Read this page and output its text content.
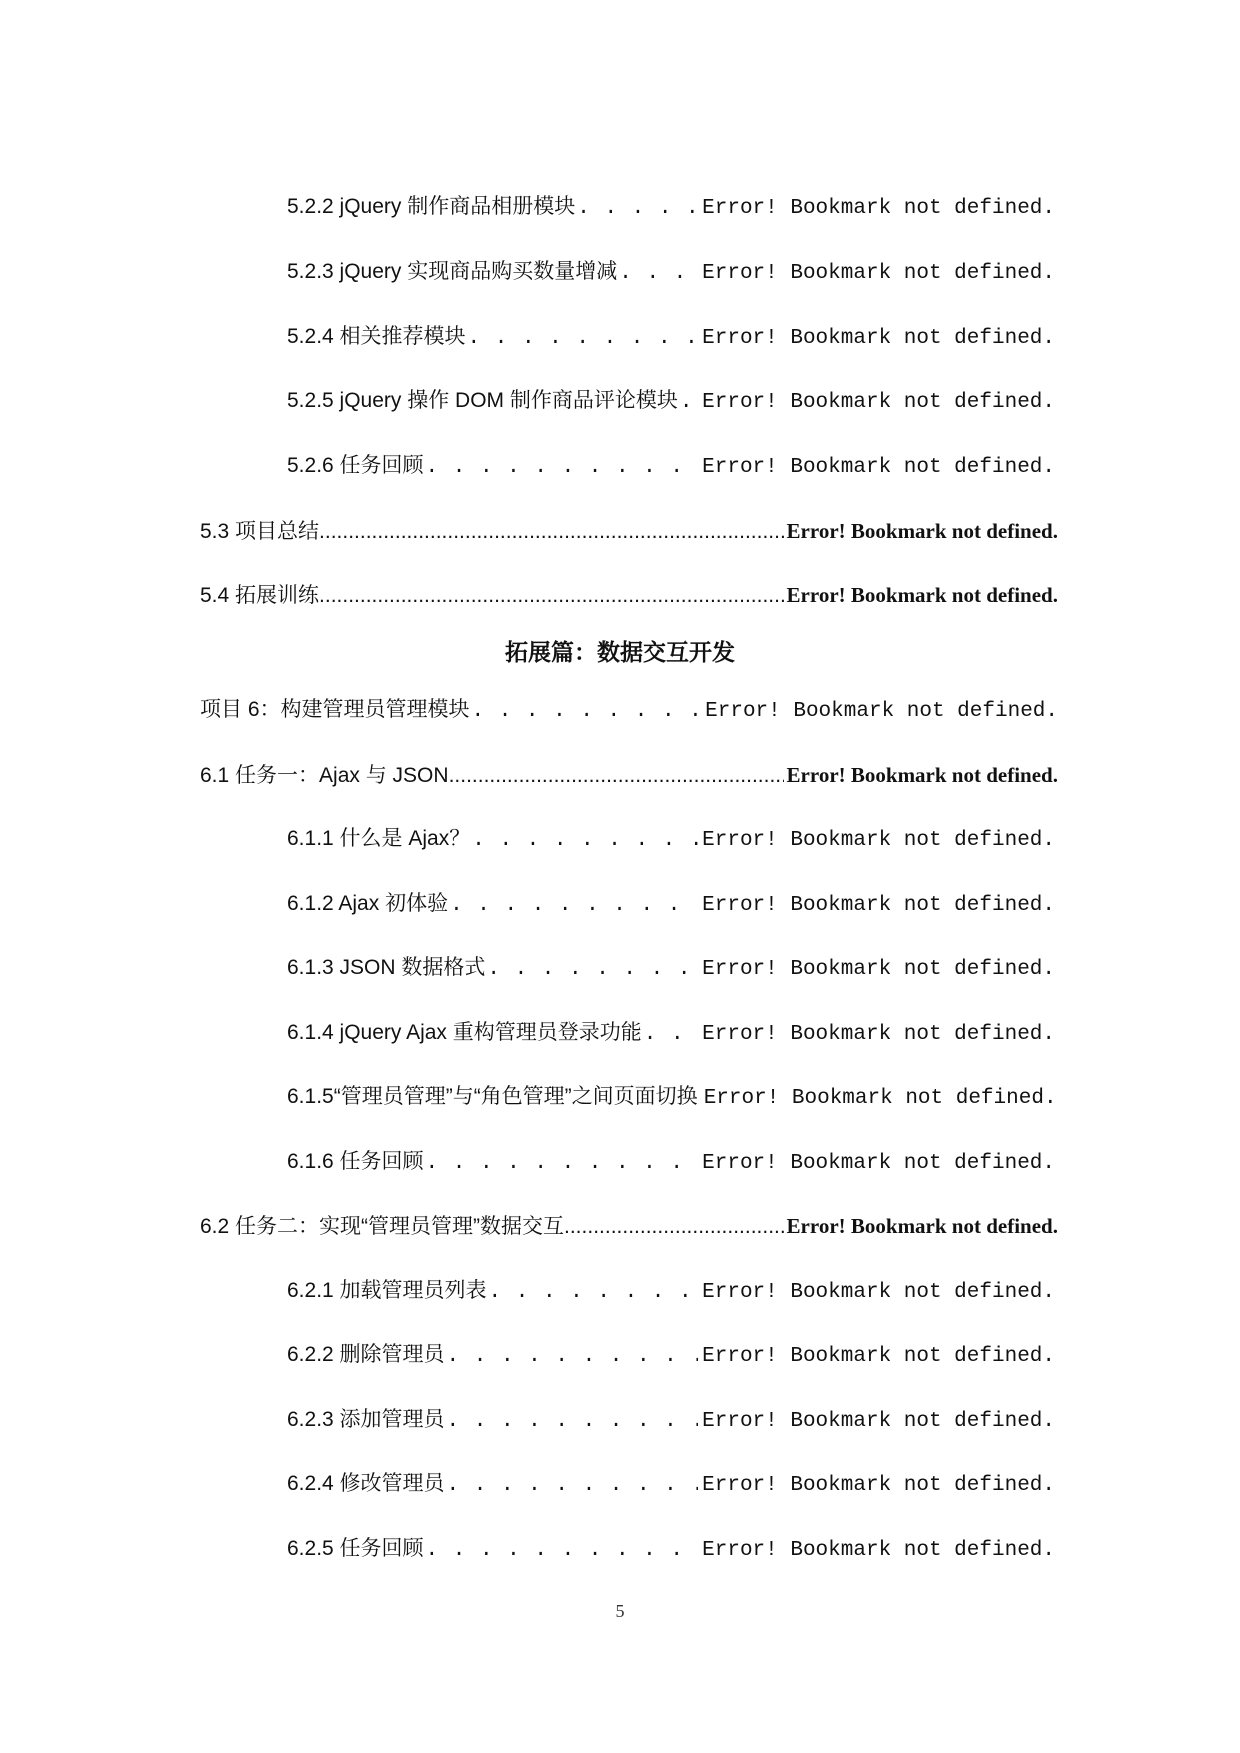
5.2.2 jQuery 制作商品相册模块 . . .	Error! Bookmark not defined.
5.2.3 jQuery 实现商品购买数量增减 . . .	Error! Bookmark not defined.
5.2.4 相关推荐模块 . . .	Error! Bookmark not defined.
5.2.5 jQuery 操作 DOM 制作商品评论模块 . . . Error! Bookmark not defined.
5.2.6 任务回顾 . . .	Error! Bookmark not defined.
5.3 项目总结 .....	Error! Bookmark not defined.
5.4 拓展训练 .....	Error! Bookmark not defined.
拓展篇：数据交互开发
项目 6：构建管理员管理模块 . . .	Error! Bookmark not defined.
6.1 任务一：Ajax 与 JSON .....	Error! Bookmark not defined.
6.1.1 什么是 Ajax？ . . .	Error! Bookmark not defined.
6.1.2 Ajax 初体验 . . .	Error! Bookmark not defined.
6.1.3 JSON 数据格式 . . .	Error! Bookmark not defined.
6.1.4 jQuery Ajax 重构管理员登录功能 . . .	Error! Bookmark not defined.
6.1.5“管理员管理”与“角色管理”之间页面切换 Error! Bookmark not defined.
6.1.6 任务回顾 . . .	Error! Bookmark not defined.
6.2 任务二：实现“管理员管理”数据交互 .....	Error! Bookmark not defined.
6.2.1 加载管理员列表 . . .	Error! Bookmark not defined.
6.2.2 删除管理员 . . .	Error! Bookmark not defined.
6.2.3 添加管理员 . . .	Error! Bookmark not defined.
6.2.4 修改管理员 . . .	Error! Bookmark not defined.
6.2.5 任务回顾 . . .	Error! Bookmark not defined.
5
